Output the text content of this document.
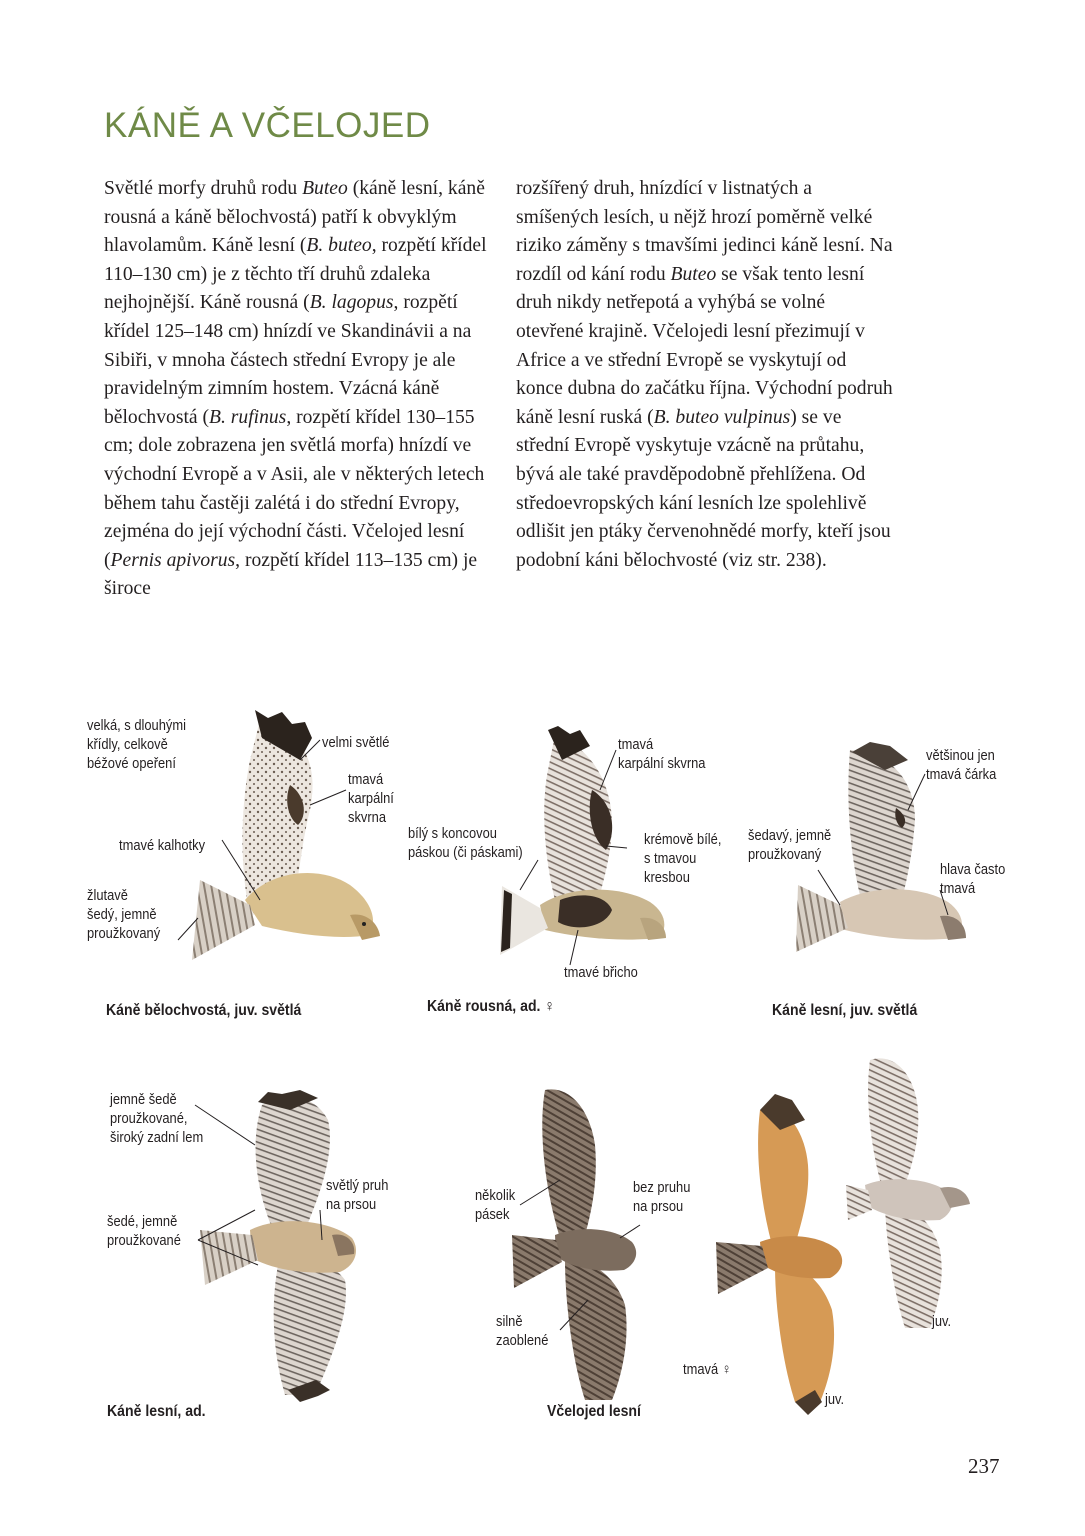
KÁNĚ A VČELOJED

Světlé morfy druhů rodu Buteo (káně lesní, káně rousná a káně bělochvostá) patří k obvyklým hlavolamům. Káně lesní (B. buteo, rozpětí křídel 110–130 cm) je z těchto tří druhů zdaleka nejhojnější. Káně rousná (B. lagopus, rozpětí křídel 125–148 cm) hnízdí ve Skandinávii a na Sibiři, v mnoha částech střední Evropy je ale pravidelným zimním hostem. Vzácná káně bělochvostá (B. rufinus, rozpětí křídel 130–155 cm; dole zobrazena jen světlá morfa) hnízdí ve východní Evropě a v Asii, ale v některých letech během tahu častěji zalétá i do střední Evropy, zejména do její východní části. Včelojed lesní (Pernis apivorus, rozpětí křídel 113–135 cm) je široce

rozšířený druh, hnízdící v listnatých a smíšených lesích, u nějž hrozí poměrně velké riziko záměny s tmavšími jedinci káně lesní. Na rozdíl od kání rodu Buteo se však tento lesní druh nikdy netřepotá a vyhýbá se volné otevřené krajině. Včelojedi lesní přezimují v Africe a ve střední Evropě se vyskytují od konce dubna do začátku října. Východní podruh káně lesní ruská (B. buteo vulpinus) se ve střední Evropě vyskytuje vzácně na průtahu, bývá ale také pravděpodobně přehlížena. Od středoevropských kání lesních lze spolehlivě odlišit jen ptáky červenohnědé morfy, kteří jsou podobní káni bělochvosté (viz str. 238).

velká, s dlouhými
křídly, celkově
béžové opeření
velmi světlé
tmavá
karpální
skvrna
tmavé kalhotky
žlutavě
šedý, jemně
proužkovaný
Káně bělochvostá, juv. světlá
tmavá
karpální skvrna
bílý s koncovou
páskou (či páskami)
krémově bílé,
s tmavou
kresbou
tmavé břicho
Káně rousná, ad. ♀
většinou jen
tmavá čárka
šedavý, jemně
proužkovaný
hlava často
tmavá
Káně lesní, juv. světlá
jemně šedě
proužkované,
široký zadní lem
světlý pruh
na prsou
šedé, jemně
proužkované
Káně lesní, ad.
několik
pásek
bez pruhu
na prsou
silně
zaoblené
tmavá ♀
juv.
juv.
Včelojed lesní
237
